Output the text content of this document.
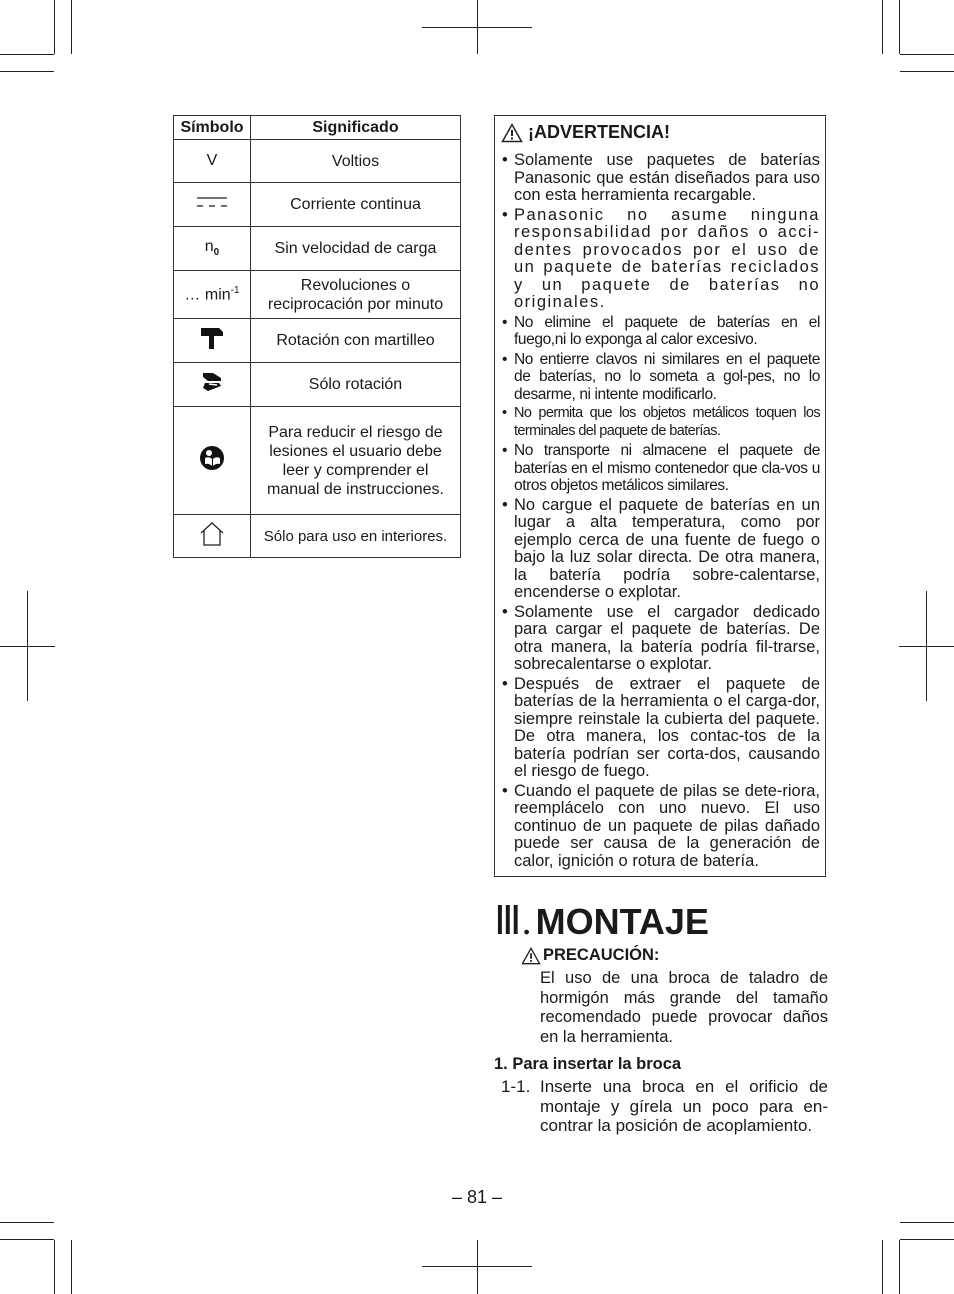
Símbolo	Significado
V	Voltios
	Corriente continua
$n_0$	Sin velocidad de carga
… $\min^{-1}$	Revoluciones o reciprocación por minuto
	Rotación con martilleo
	Sólo rotación
	Para reducir el riesgo de lesiones el usuario debe leer y comprender el manual de instrucciones.
	Sólo para uso en interiores.
¡ADVERTENCIA!
• Solamente use paquetes de baterías Panasonic que están diseñados para uso con esta herramienta recargable.
• Panasonic no asume ninguna responsabilidad por daños o acci-dentes provocados por el uso de un paquete de baterías reciclados y un paquete de baterías no originales.
• No elimine el paquete de baterías en el fuego,ni lo exponga al calor excesivo.
• No entierre clavos ni similares en el paquete de baterías, no lo someta a gol-pes, no lo desarme, ni intente modificarlo.
• No permita que los objetos metálicos toquen los terminales del paquete de baterías.
• No transporte ni almacene el paquete de baterías en el mismo contenedor que cla-vos u otros objetos metálicos similares.
• No cargue el paquete de baterías en un lugar a alta temperatura, como por ejemplo cerca de una fuente de fuego o bajo la luz solar directa. De otra manera, la batería podría sobre-calentarse, encenderse o explotar.
• Solamente use el cargador dedicado para cargar el paquete de baterías. De otra manera, la batería podría fil-trarse, sobrecalentarse o explotar.
• Después de extraer el paquete de baterías de la herramienta o el carga-dor, siempre reinstale la cubierta del paquete. De otra manera, los contac-tos de la batería podrían ser corta-dos, causando el riesgo de fuego.
• Cuando el paquete de pilas se dete-riora, reemplácelo con uno nuevo. El uso continuo de un paquete de pilas dañado puede ser causa de la generación de calor, ignición o rotura de batería.
Ⅲ. MONTAJE
PRECAUCIÓN:
El uso de una broca de taladro de hormigón más grande del tamaño recomendado puede provocar daños en la herramienta.
1. Para insertar la broca
1-1. Inserte una broca en el orificio de montaje y gírela un poco para en-contrar la posición de acoplamiento.
– 81 –
